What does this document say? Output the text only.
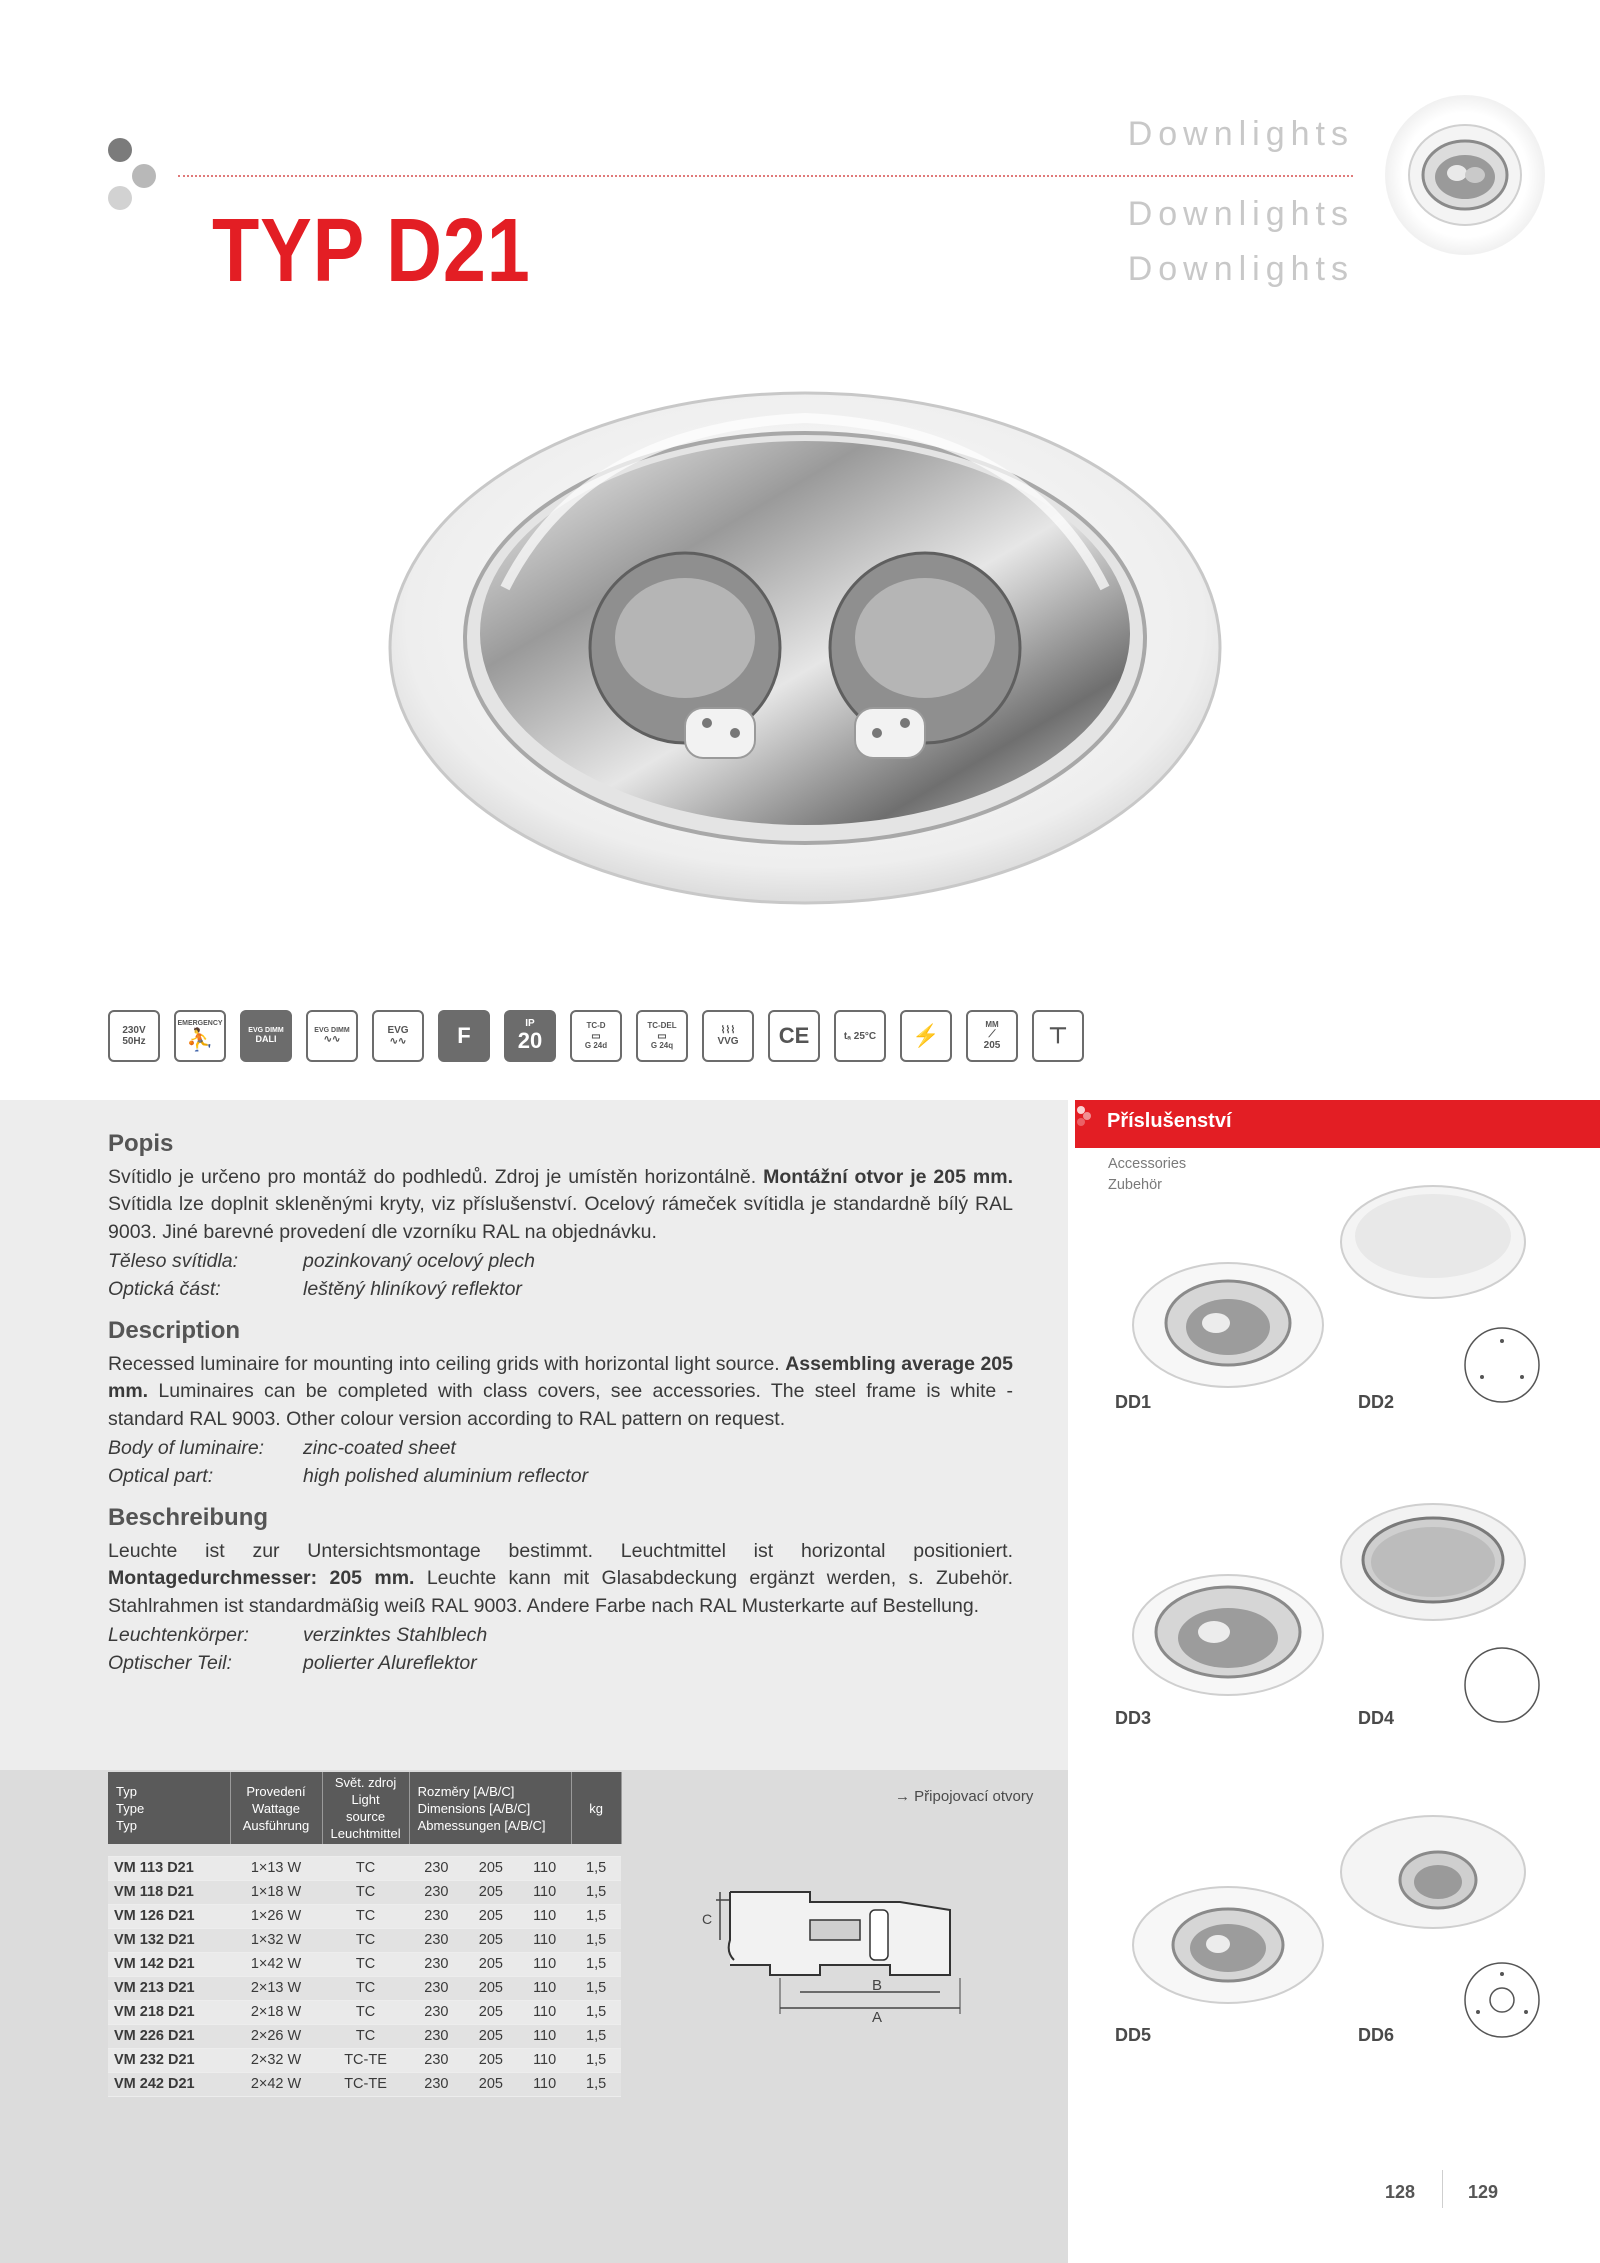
TYP D21
Downlights
Downlights
Downlights
230V
50Hz
EMERGENCY
⛹	EVG DIMM
DALI
EVG DIMM
∿∿
EVG
∿∿ F	IP
20
TC-D
▭
G 24d
TC-DEL
▭
G 24q
⌇⌇⌇
VVG CE	tₐ 25°C ⚡	MM
⟋
205 ⊤
Popis

Svítidlo je určeno pro montáž do podhledů. Zdroj je umístěn horizontálně. Montážní otvor je 205 mm. Svítidla lze doplnit skleněnými kryty, viz příslušenství. Ocelový rámeček svítidla je standardně bílý RAL 9003. Jiné barevné provedení dle vzorníku RAL na objednávku.

Těleso svítidla:	pozinkovaný ocelový plech
Optická část:	leštěný hliníkový reflektor
Description

Recessed luminaire for mounting into ceiling grids with horizontal light source. Assembling average 205 mm. Luminaires can be completed with class covers, see accessories. The steel frame is white - standard RAL 9003. Other colour version according to RAL pattern on request.

Body of luminaire:	zinc-coated sheet
Optical part:	high polished aluminium reflector
Beschreibung

Leuchte ist zur Untersichtsmontage bestimmt. Leuchtmittel ist horizontal positioniert. Montagedurchmesser: 205 mm. Leuchte kann mit Glasabdeckung ergänzt werden, s. Zubehör. Stahlrahmen ist standardmäßig weiß RAL 9003. Andere Farbe nach RAL Musterkarte auf Bestellung.

Leuchtenkörper:	verzinktes Stahlblech
Optischer Teil:	polierter Alureflektor
Typ
Type
Typ	Provedení
Wattage
Ausführung	Svět. zdroj
Light source
Leuchtmittel	Rozměry [A/B/C]
Dimensions [A/B/C]
Abmessungen [A/B/C]			kg

VM 113 D21	1×13 W	TC	230	205	110	1,5
VM 118 D21	1×18 W	TC	230	205	110	1,5
VM 126 D21	1×26 W	TC	230	205	110	1,5
VM 132 D21	1×32 W	TC	230	205	110	1,5
VM 142 D21	1×42 W	TC	230	205	110	1,5
VM 213 D21	2×13 W	TC	230	205	110	1,5
VM 218 D21	2×18 W	TC	230	205	110	1,5
VM 226 D21	2×26 W	TC	230	205	110	1,5
VM 232 D21	2×32 W	TC-TE	230	205	110	1,5
VM 242 D21	2×42 W	TC-TE	230	205	110	1,5
→ Připojovací otvory
C
B
A
Příslušenství
Accessories
Zubehör
DD1	DD2
DD3	DD4
DD5	DD6
128	129
